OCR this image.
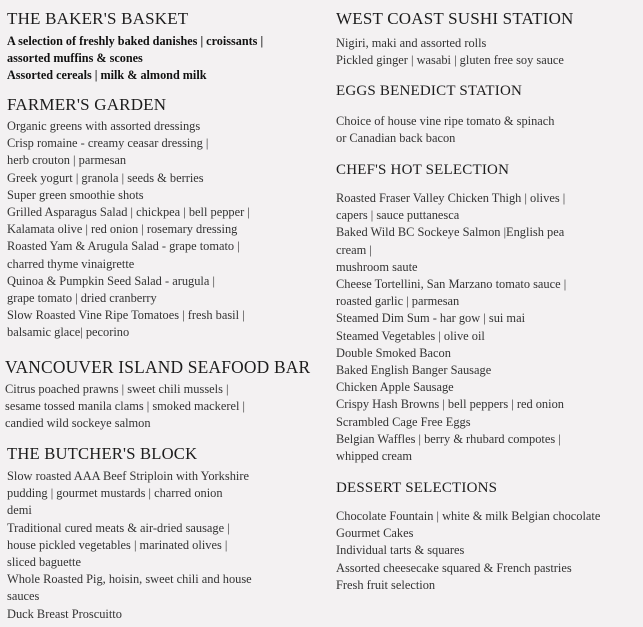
THE BAKER'S BASKET
A selection of freshly baked danishes | croissants |
assorted muffins & scones
Assorted cereals | milk & almond milk
FARMER'S GARDEN
Organic greens with assorted dressings
Crisp romaine - creamy ceasar dressing |
herb crouton | parmesan
Greek yogurt | granola | seeds & berries
Super green smoothie shots
Grilled Asparagus Salad | chickpea | bell pepper |
Kalamata olive | red onion | rosemary dressing
Roasted Yam & Arugula Salad - grape tomato |
charred thyme vinaigrette
Quinoa & Pumpkin Seed Salad - arugula |
grape tomato | dried cranberry
Slow Roasted Vine Ripe Tomatoes | fresh basil |
balsamic glace| pecorino
VANCOUVER ISLAND SEAFOOD BAR
Citrus poached prawns | sweet chili mussels |
sesame tossed manila clams | smoked mackerel |
candied wild sockeye salmon
THE BUTCHER'S BLOCK
Slow roasted AAA Beef Striploin with Yorkshire
pudding | gourmet mustards | charred onion
demi
Traditional cured meats & air-dried sausage |
house pickled vegetables | marinated olives |
sliced baguette
Whole Roasted Pig, hoisin, sweet chili and house
sauces
Duck Breast Proscuitto
WEST COAST SUSHI STATION
Nigiri, maki and assorted rolls
Pickled ginger | wasabi | gluten free soy sauce
EGGS BENEDICT STATION
Choice of house vine ripe tomato & spinach
or Canadian back bacon
CHEF'S HOT SELECTION
Roasted Fraser Valley Chicken Thigh | olives |
capers | sauce puttanesca
Baked Wild BC Sockeye Salmon |English pea
cream |
mushroom saute
Cheese Tortellini, San Marzano tomato sauce |
roasted garlic | parmesan
Steamed Dim Sum - har gow | sui mai
Steamed Vegetables | olive oil
Double Smoked Bacon
Baked English Banger Sausage
Chicken Apple Sausage
Crispy Hash Browns | bell peppers | red onion
Scrambled Cage Free Eggs
Belgian Waffles | berry & rhubard compotes |
whipped cream
DESSERT SELECTIONS
Chocolate Fountain | white & milk Belgian chocolate
Gourmet Cakes
Individual tarts & squares
Assorted cheesecake squared & French pastries
Fresh fruit selection
